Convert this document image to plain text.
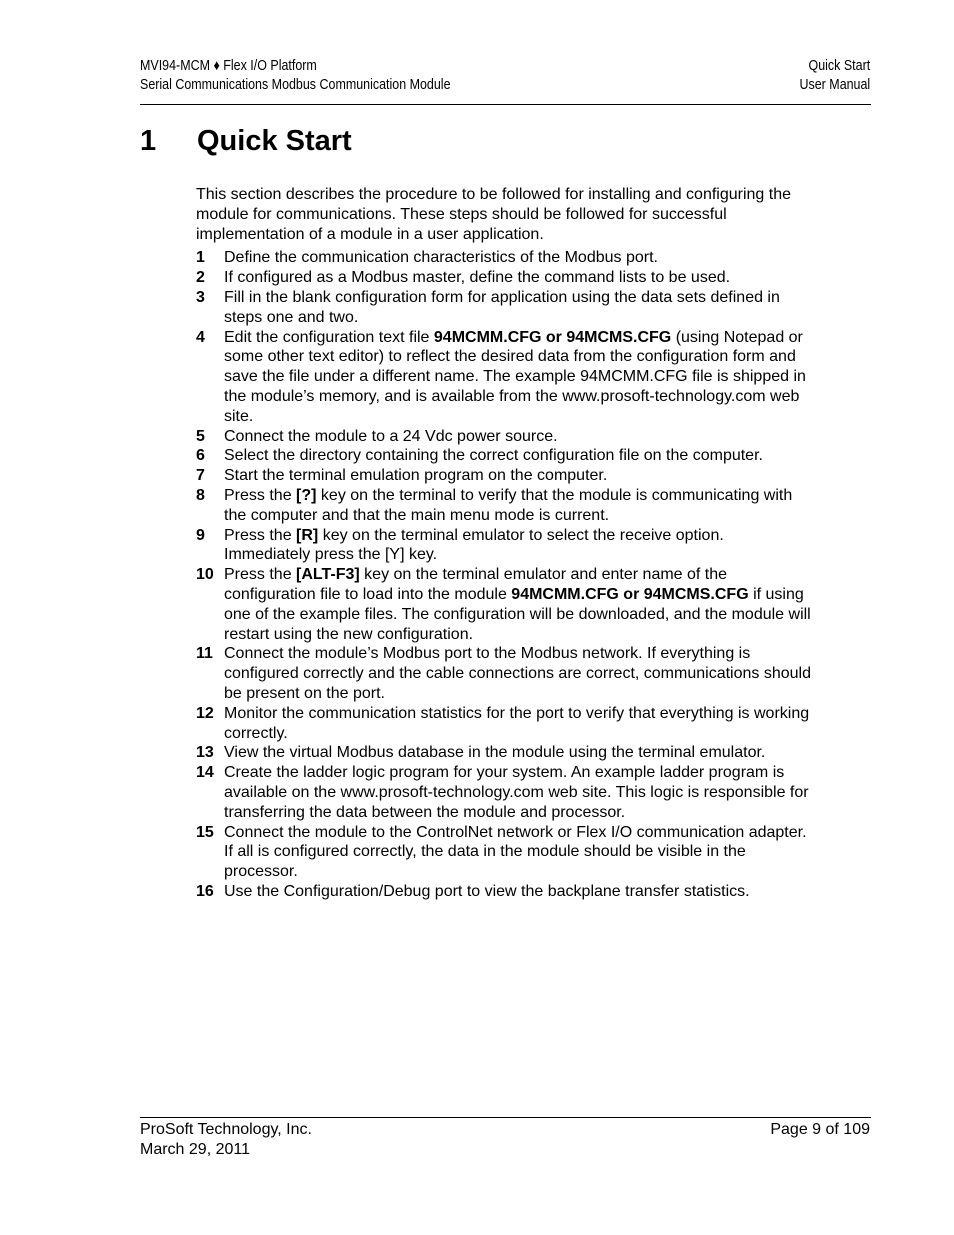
MVI94-MCM ♦ Flex I/O Platform
Serial Communications Modbus Communication Module
Quick Start
User Manual
1 Quick Start

This section describes the procedure to be followed for installing and configuring the module for communications. These steps should be followed for successful implementation of a module in a user application.

1 Define the communication characteristics of the Modbus port.
2 If configured as a Modbus master, define the command lists to be used.
3 Fill in the blank configuration form for application using the data sets defined in steps one and two.
4 Edit the configuration text file 94MCMM.CFG or 94MCMS.CFG (using Notepad or some other text editor) to reflect the desired data from the configuration form and save the file under a different name. The example 94MCMM.CFG file is shipped in the module’s memory, and is available from the www.prosoft-technology.com web site.
5 Connect the module to a 24 Vdc power source.
6 Select the directory containing the correct configuration file on the computer.
7 Start the terminal emulation program on the computer.
8 Press the [?] key on the terminal to verify that the module is communicating with the computer and that the main menu mode is current.
9 Press the [R] key on the terminal emulator to select the receive option. Immediately press the [Y] key.
10 Press the [ALT-F3] key on the terminal emulator and enter name of the configuration file to load into the module 94MCMM.CFG or 94MCMS.CFG if using one of the example files. The configuration will be downloaded, and the module will restart using the new configuration.
11 Connect the module’s Modbus port to the Modbus network. If everything is configured correctly and the cable connections are correct, communications should be present on the port.
12 Monitor the communication statistics for the port to verify that everything is working correctly.
13 View the virtual Modbus database in the module using the terminal emulator.
14 Create the ladder logic program for your system. An example ladder program is available on the www.prosoft-technology.com web site. This logic is responsible for transferring the data between the module and processor.
15 Connect the module to the ControlNet network or Flex I/O communication adapter. If all is configured correctly, the data in the module should be visible in the processor.
16 Use the Configuration/Debug port to view the backplane transfer statistics.
ProSoft Technology, Inc.
March 29, 2011
Page 9 of 109
